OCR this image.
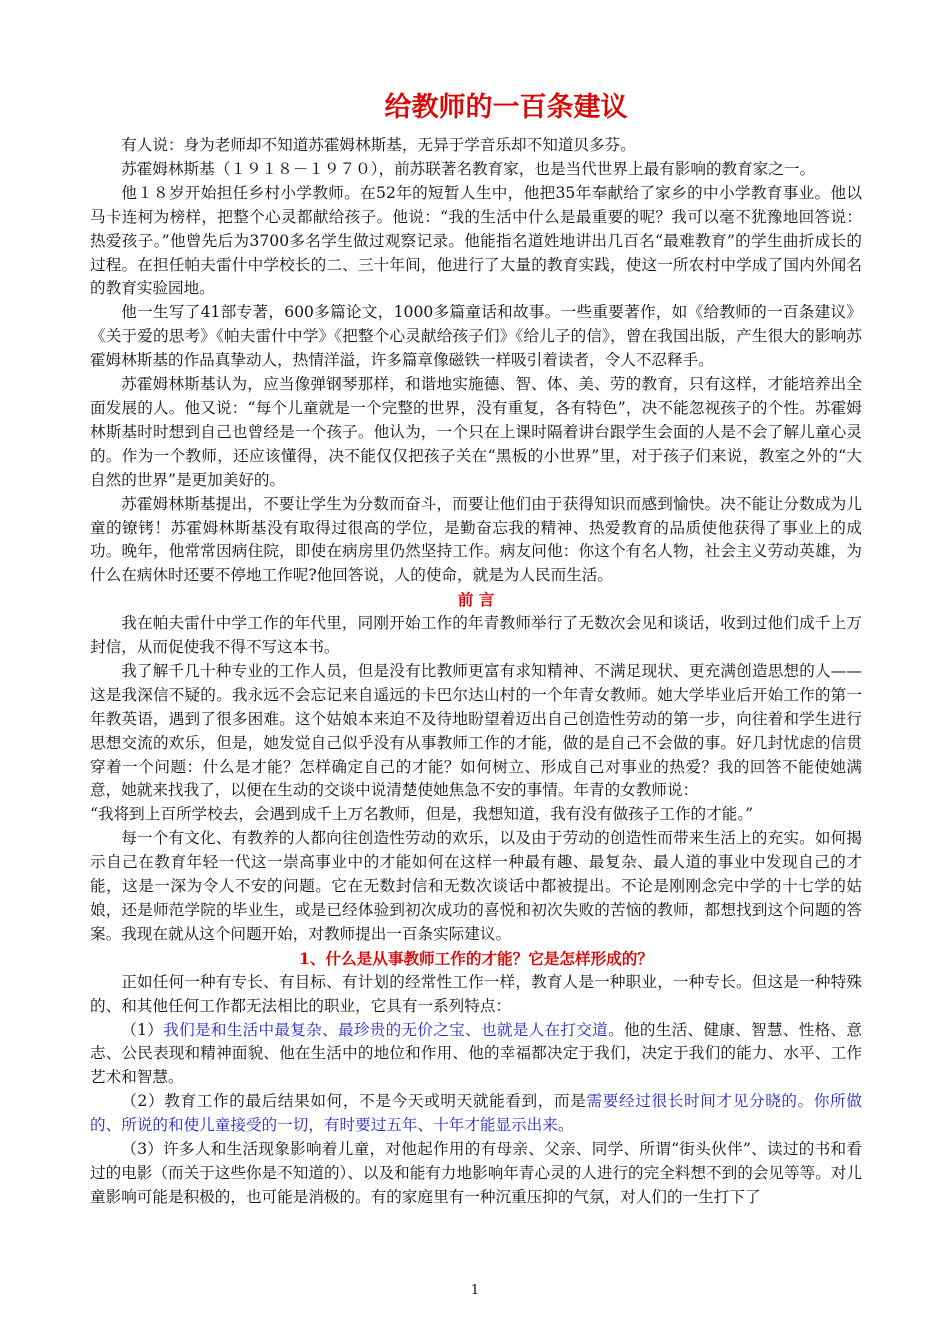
给教师的一百条建议

有人说：身为老师却不知道苏霍姆林斯基，无异于学音乐却不知道贝多芬。

苏霍姆林斯基（１９１８－１９７０），前苏联著名教育家，也是当代世界上最有影响的教育家之一。

他１８岁开始担任乡村小学教师。在52年的短暂人生中，他把35年奉献给了家乡的中小学教育事业。他以马卡连柯为榜样，把整个心灵都献给孩子。他说：“我的生活中什么是最重要的呢？我可以毫不犹豫地回答说：热爱孩子。”他曾先后为3700多名学生做过观察记录。他能指名道姓地讲出几百名“最难教育”的学生曲折成长的过程。在担任帕夫雷什中学校长的二、三十年间，他进行了大量的教育实践，使这一所农村中学成了国内外闻名的教育实验园地。

他一生写了41部专著，600多篇论文，1000多篇童话和故事。一些重要著作，如《给教师的一百条建议》《关于爱的思考》《帕夫雷什中学》《把整个心灵献给孩子们》《给儿子的信》，曾在我国出版，产生很大的影响苏霍姆林斯基的作品真挚动人，热情洋溢，许多篇章像磁铁一样吸引着读者，令人不忍释手。

苏霍姆林斯基认为，应当像弹钢琴那样，和谐地实施德、智、体、美、劳的教育，只有这样，才能培养出全面发展的人。他又说：“每个儿童就是一个完整的世界，没有重复，各有特色”，决不能忽视孩子的个性。苏霍姆林斯基时时想到自己也曾经是一个孩子。他认为，一个只在上课时隔着讲台跟学生会面的人是不会了解儿童心灵的。作为一个教师，还应该懂得，决不能仅仅把孩子关在“黑板的小世界”里，对于孩子们来说，教室之外的“大自然的世界”是更加美好的。

苏霍姆林斯基提出，不要让学生为分数而奋斗，而要让他们由于获得知识而感到愉快。决不能让分数成为儿童的镣铐！苏霍姆林斯基没有取得过很高的学位，是勤奋忘我的精神、热爱教育的品质使他获得了事业上的成功。晚年，他常常因病住院，即使在病房里仍然坚持工作。病友问他：你这个有名人物，社会主义劳动英雄，为什么在病休时还要不停地工作呢?他回答说，人的使命，就是为人民而生活。

前 言

我在帕夫雷什中学工作的年代里，同刚开始工作的年青教师举行了无数次会见和谈话，收到过他们成千上万封信，从而促使我不得不写这本书。

我了解千几十种专业的工作人员，但是没有比教师更富有求知精神、不满足现状、更充满创造思想的人——这是我深信不疑的。我永远不会忘记来自遥远的卡巴尔达山村的一个年青女教师。她大学毕业后开始工作的第一年教英语，遇到了很多困难。这个姑娘本来迫不及待地盼望着迈出自己创造性劳动的第一步，向往着和学生进行思想交流的欢乐，但是，她发觉自己似乎没有从事教师工作的才能，做的是自己不会做的事。好几封忧虑的信贯穿着一个问题：什么是才能？怎样确定自己的才能？如何树立、形成自己对事业的热爱？我的回答不能使她满意，她就来找我了，以便在生动的交谈中说清楚使她焦急不安的事情。年青的女教师说：

“我将到上百所学校去，会遇到成千上万名教师，但是，我想知道，我有没有做孩子工作的才能。”

每一个有文化、有教养的人都向往创造性劳动的欢乐，以及由于劳动的创造性而带来生活上的充实。如何揭示自己在教育年轻一代这一崇高事业中的才能如何在这样一种最有趣、最复杂、最人道的事业中发现自己的才能，这是一深为令人不安的问题。它在无数封信和无数次谈话中都被提出。不论是刚刚念完中学的十七学的姑娘，还是师范学院的毕业生，或是已经体验到初次成功的喜悦和初次失败的苦恼的教师，都想找到这个问题的答案。我现在就从这个问题开始，对教师提出一百条实际建议。

1、什么是从事教师工作的才能？它是怎样形成的？

正如任何一种有专长、有目标、有计划的经常性工作一样，教育人是一种职业，一种专长。但这是一种特殊的、和其他任何工作都无法相比的职业，它具有一系列特点：

（1）我们是和生活中最复杂、最珍贵的无价之宝、也就是人在打交道。他的生活、健康、智慧、性格、意志、公民表现和精神面貌、他在生活中的地位和作用、他的幸福都决定于我们，决定于我们的能力、水平、工作艺术和智慧。

（2）教育工作的最后结果如何，不是今天或明天就能看到，而是需要经过很长时间才见分晓的。你所做的、所说的和使儿童接受的一切，有时要过五年、十年才能显示出来。

（3）许多人和生活现象影响着儿童，对他起作用的有母亲、父亲、同学、所谓“街头伙伴”、读过的书和看过的电影（而关于这些你是不知道的）、以及和能有力地影响年青心灵的人进行的完全料想不到的会见等等。对儿童影响可能是积极的，也可能是消极的。有的家庭里有一种沉重压抑的气氛，对人们的一生打下了

1
